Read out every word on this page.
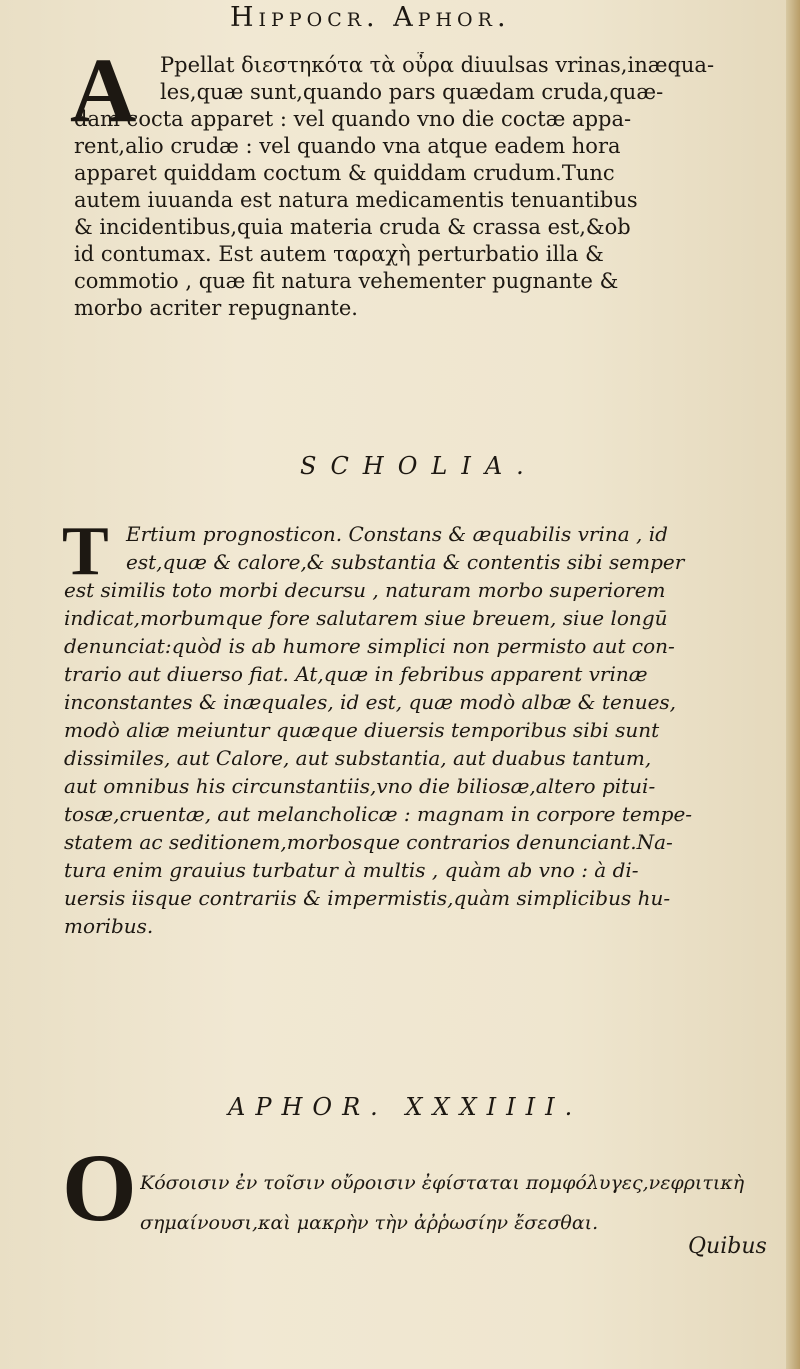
Hippocr. Aphor.
A	Ppellat διεστηκότα τὰ οὖρα diuulsas vrinas,inæqua-
les,quæ sunt,quando pars quædam cruda,quæ-
dam cocta apparet : vel quando vno die coctæ appa-
rent,alio crudæ : vel quando vna atque eadem hora
apparet quiddam coctum & quiddam crudum.Tunc
autem iuuanda est natura medicamentis tenuantibus
& incidentibus,quia materia cruda & crassa est,&ob
id contumax. Est autem ταραχὴ perturbatio illa &
commotio , quæ fit natura vehementer pugnante &
morbo acriter repugnante.
SCHOLIA.
T Ertium prognosticon. Constans & æquabilis vrina , id
est,quæ & calore,& substantia & contentis sibi semper
est similis toto morbi decursu , naturam morbo superiorem
indicat,morbumque fore salutarem siue breuem, siue longū
denunciat:quòd is ab humore simplici non permisto aut con-
trario aut diuerso fiat. At,quæ in febribus apparent vrinæ
inconstantes & inæquales, id est, quæ modò albæ & tenues,
modò aliæ meiuntur quæque diuersis temporibus sibi sunt
dissimiles, aut Calore, aut substantia, aut duabus tantum,
aut omnibus his circunstantiis,vno die biliosæ,altero pitui-
tosæ,cruentæ, aut melancholicæ : magnam in corpore tempe-
statem ac seditionem,morbosque contrarios denunciant.Na-
tura enim grauius turbatur à multis , quàm ab vno : à di-
uersis iisque contrariis & impermistis,quàm simplicibus hu-
moribus.
APHOR. XXXIIII.
O Κόσοισιν ἐν τοῖσιν οὔροισιν ἐφίσταται πομφόλυγες,νεφριτικὴ
σημαίνουσι,καὶ μακρὴν τὴν ἀῤῥωσίην ἔσεσθαι.
Quibus
